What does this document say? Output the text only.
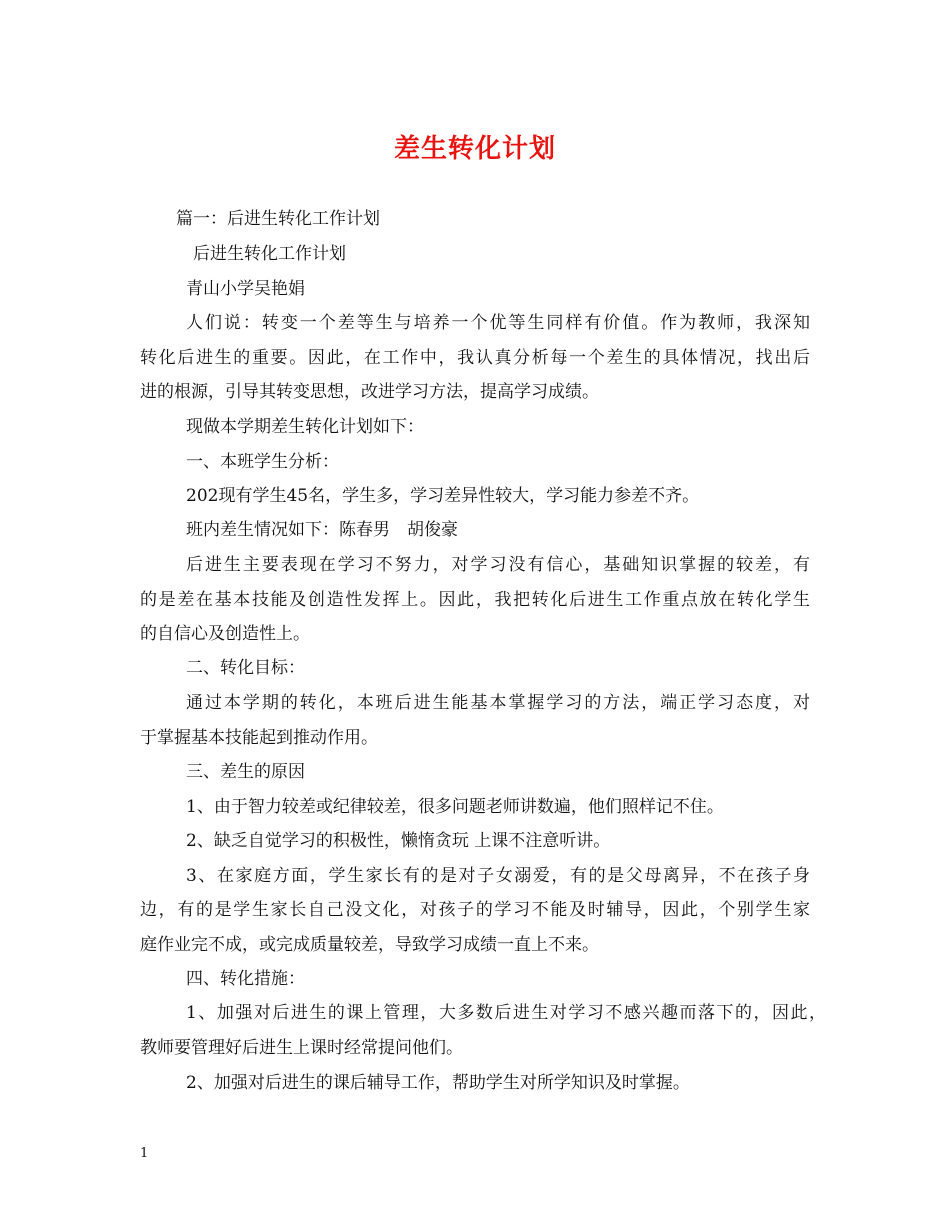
差生转化计划

篇一：后进生转化工作计划

后进生转化工作计划

青山小学吴艳娟

人们说：转变一个差等生与培养一个优等生同样有价值。作为教师，我深知

转化后进生的重要。因此，在工作中，我认真分析每一个差生的具体情况，找出后

进的根源，引导其转变思想，改进学习方法，提高学习成绩。

现做本学期差生转化计划如下：

一、本班学生分析：

202现有学生45名，学生多，学习差异性较大，学习能力参差不齐。

班内差生情况如下：陈春男　胡俊豪

后进生主要表现在学习不努力，对学习没有信心，基础知识掌握的较差，有

的是差在基本技能及创造性发挥上。因此，我把转化后进生工作重点放在转化学生

的自信心及创造性上。

二、转化目标：

通过本学期的转化，本班后进生能基本掌握学习的方法，端正学习态度，对

于掌握基本技能起到推动作用。

三、差生的原因

1、由于智力较差或纪律较差，很多问题老师讲数遍，他们照样记不住。

2、缺乏自觉学习的积极性，懒惰贪玩 上课不注意听讲。

3、在家庭方面，学生家长有的是对子女溺爱，有的是父母离异，不在孩子身

边，有的是学生家长自己没文化，对孩子的学习不能及时辅导，因此，个别学生家

庭作业完不成，或完成质量较差，导致学习成绩一直上不来。

四、转化措施：

1、加强对后进生的课上管理，大多数后进生对学习不感兴趣而落下的，因此，

教师要管理好后进生上课时经常提问他们。

2、加强对后进生的课后辅导工作，帮助学生对所学知识及时掌握。

1
